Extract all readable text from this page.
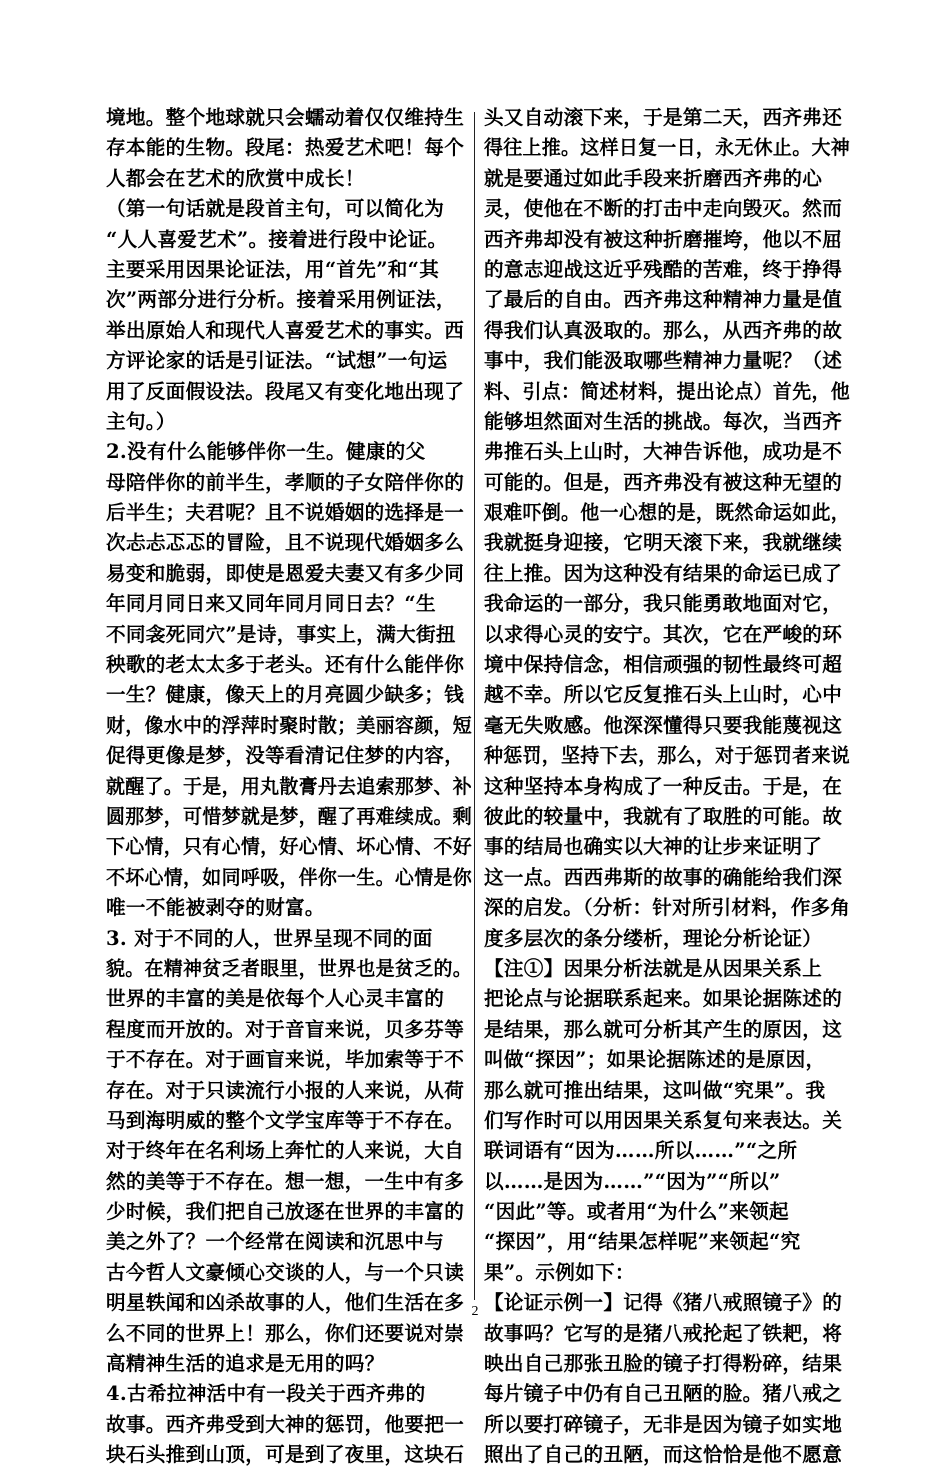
境地。整个地球就只会蠕动着仅仅维持生
存本能的生物。段尾：热爱艺术吧！每个
人都会在艺术的欣赏中成长！
（第一句话就是段首主句，可以简化为
“人人喜爱艺术”。接着进行段中论证。
主要采用因果论证法，用“首先”和“其
次”两部分进行分析。接着采用例证法，
举出原始人和现代人喜爱艺术的事实。西
方评论家的话是引证法。“试想”一句运
用了反面假设法。段尾又有变化地出现了
主句。）
2.没有什么能够伴你一生。健康的父
母陪伴你的前半生，孝顺的子女陪伴你的
后半生；夫君呢？且不说婚姻的选择是一
次忐忐忑忑的冒险，且不说现代婚姻多么
易变和脆弱，即使是恩爱夫妻又有多少同
年同月同日来又同年同月同日去？“生
不同衾死同穴”是诗，事实上，满大街扭
秧歌的老太太多于老头。还有什么能伴你
一生？健康，像天上的月亮圆少缺多；钱
财，像水中的浮萍时聚时散；美丽容颜，短
促得更像是梦，没等看清记住梦的内容，
就醒了。于是，用丸散膏丹去追索那梦、补
圆那梦，可惜梦就是梦，醒了再难续成。剩
下心情，只有心情，好心情、坏心情、不好
不坏心情，如同呼吸，伴你一生。心情是你
唯一不能被剥夺的财富。
3. 对于不同的人，世界呈现不同的面
貌。在精神贫乏者眼里，世界也是贫乏的。
世界的丰富的美是依每个人心灵丰富的
程度而开放的。对于音盲来说，贝多芬等
于不存在。对于画盲来说，毕加索等于不
存在。对于只读流行小报的人来说，从荷
马到海明威的整个文学宝库等于不存在。
对于终年在名利场上奔忙的人来说，大自
然的美等于不存在。想一想，一生中有多
少时候，我们把自己放逐在世界的丰富的
美之外了？一个经常在阅读和沉思中与
古今哲人文豪倾心交谈的人，与一个只读
明星轶闻和凶杀故事的人，他们生活在多
么不同的世界上！那么，你们还要说对崇
高精神生活的追求是无用的吗？
4.古希拉神活中有一段关于西齐弗的
故事。西齐弗受到大神的惩罚，他要把一
块石头推到山顶，可是到了夜里，这块石
头又自动滚下来，于是第二天，西齐弗还
得往上推。这样日复一日，永无休止。大神
就是要通过如此手段来折磨西齐弗的心
灵，使他在不断的打击中走向毁灭。然而
西齐弗却没有被这种折磨摧垮，他以不屈
的意志迎战这近乎残酷的苦难，终于挣得
了最后的自由。西齐弗这种精神力量是值
得我们认真汲取的。那么，从西齐弗的故
事中，我们能汲取哪些精神力量呢？（述
料、引点：简述材料，提出论点）首先，他
能够坦然面对生活的挑战。每次，当西齐
弗推石头上山时，大神告诉他，成功是不
可能的。但是，西齐弗没有被这种无望的
艰难吓倒。他一心想的是，既然命运如此，
我就挺身迎接，它明天滚下来，我就继续
往上推。因为这种没有结果的命运已成了
我命运的一部分，我只能勇敢地面对它，
以求得心灵的安宁。其次，它在严峻的环
境中保持信念，相信顽强的韧性最终可超
越不幸。所以它反复推石头上山时，心中
毫无失败感。他深深懂得只要我能蔑视这
种惩罚，坚持下去，那么，对于惩罚者来说
这种坚持本身构成了一种反击。于是，在
彼此的较量中，我就有了取胜的可能。故
事的结局也确实以大神的让步来证明了
这一点。西西弗斯的故事的确能给我们深
深的启发。（分析：针对所引材料，作多角
度多层次的条分缕析，理论分析论证）
【注①】因果分析法就是从因果关系上
把论点与论据联系起来。如果论据陈述的
是结果，那么就可分析其产生的原因，这
叫做“探因”；如果论据陈述的是原因，
那么就可推出结果，这叫做“究果”。我
们写作时可以用因果关系复句来表达。关
联词语有“因为……所以……”“之所
以……是因为……”“因为”“所以”
“因此”等。或者用“为什么”来领起
“探因”，用“结果怎样呢”来领起“究
果”。示例如下：
【论证示例一】记得《猪八戒照镜子》的
故事吗？它写的是猪八戒抡起了铁耙，将
映出自己那张丑脸的镜子打得粉碎，结果
每片镜子中仍有自己丑陋的脸。猪八戒之
所以要打碎镜子，无非是因为镜子如实地
照出了自己的丑陋，而这恰恰是他不愿意
2
